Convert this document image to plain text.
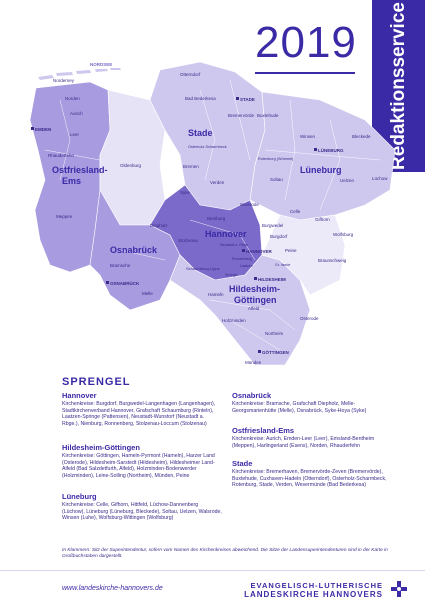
2019 Redaktionsservice
Ostfriesland-
Ems
Stade
Lüneburg
Osnabrück
Hannover
Hildesheim-
Göttingen
NORDSEE
STADE
Otterndorf
Bad Bederkesa
Bremervörde
Norderney
Norden
Aurich
EMDEN
Leer
Rhauderfehn
Meppen
Oldenburg	Bremen
Osterholz-Scharmbeck
Buxtehude
Winsen
LÜNEBURG
Bleckede
Rotenburg (Wümme)
Soltau	Uelzen	Lüchow
Verden
Walsrode
Syke
Celle
Gifhorn
Wolfsburg
Diepholz
Nienburg
Stolzenau
Neustadt a. Rbge.
Burgwedel
Burgdorf
HANNOVER
Ronnenberg
Laatzen
Peine
Bramsche
OSNABRÜCK
Melle
Schaumburg-Lippe
Hameln
Springe
HILDESHEIM
Gr. Ilsede
Braunschweig
Alfeld
Holzminden
Northeim
Osterode
GÖTTINGEN
Münden
SPRENGEL
Hannover

Kirchenkreise: Burgdorf, Burgwedel-Langenhagen (Langenhagen), Stadtkirchenverband Hannover, Grafschaft Schaumburg (Rinteln), Laatzen-Springe (Pattensen), Neustadt-Wunstorf (Neustadt a. Rbge.), Nienburg, Ronnenberg, Stolzenau-Loccum (Stolzenau)

Hildesheim-Göttingen

Kirchenkreise: Göttingen, Hameln-Pyrmont (Hameln), Harzer Land (Osterode), Hildesheim-Sarstedt (Hildesheim), Hildesheimer Land-Alfeld (Bad Salzdetfurth, Alfeld), Holzminden-Bodenwerder (Holzminden), Leine-Solling (Northeim), Münden, Peine

Lüneburg

Kirchenkreise: Celle, Gifhorn, Hittfeld, Lüchow-Dannenberg (Lüchow), Lüneburg (Lüneburg, Bleckede), Soltau, Uelzen, Walsrode, Winsen (Luhe), Wolfsburg-Wittingen (Wolfsburg)

Osnabrück

Kirchenkreise: Bramsche, Grafschaft Diepholz, Melle-Georgsmarienhütte (Melle), Osnabrück, Syke-Hoya (Syke)

Ostfriesland-Ems

Kirchenkreise: Aurich, Emden-Leer (Leer), Emsland-Bentheim (Meppen), Harlingerland (Esens), Norden, Rhauderfehn

Stade

Kirchenkreise: Bremerhaven, Bremervörde-Zeven (Bremervörde), Buxtehude, Cuxhaven-Hadeln (Otterndorf), Osterholz-Scharmbeck, Rotenburg, Stade, Verden, Wesermünde (Bad Bederkesa)

In Klammern: Sitz der Superintendentur, sofern vom Namen des Kirchenkreises abweichend. Die Sitze der Landessuperintendenturen sind in der Karte in Großbuchstaben dargestellt.
www.landeskirche-hannovers.de	EVANGELISCH-LUTHERISCHE
LANDESKIRCHE HANNOVERS
